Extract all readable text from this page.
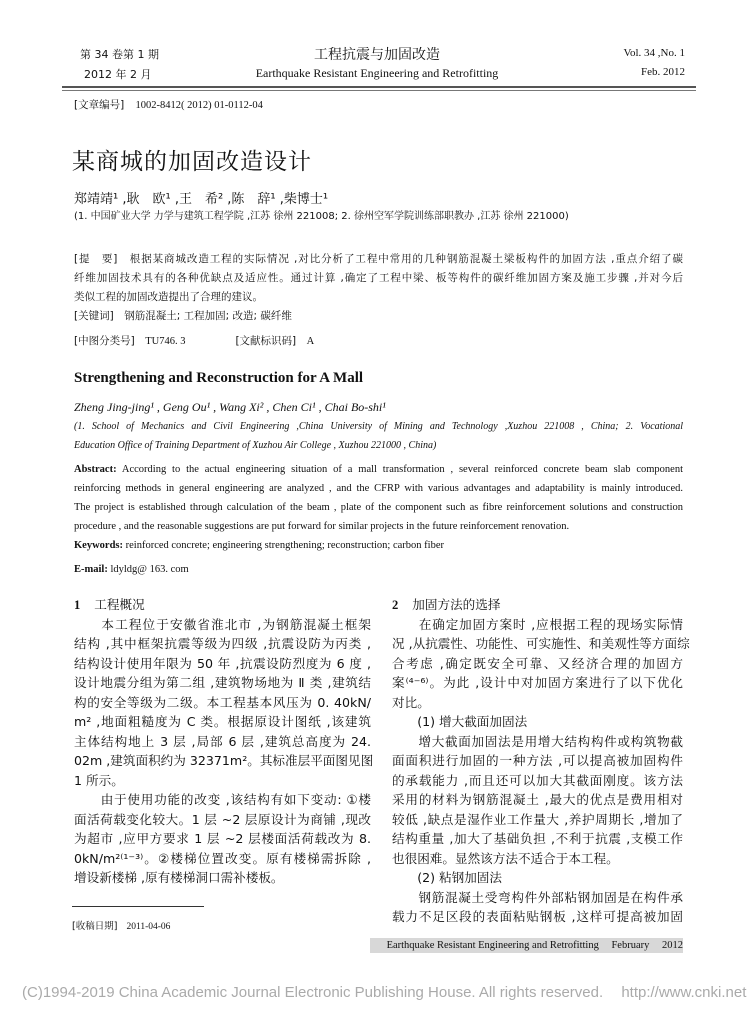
第 34 卷第 1 期
2012 年 2 月
工程抗震与加固改造
Earthquake Resistant Engineering and Retrofitting
Vol. 34 ,No. 1
Feb. 2012
[文章编号] 1002-8412( 2012) 01-0112-04
某商城的加固改造设计
郑靖靖¹ ,耿　欧¹ ,王　希² ,陈　辞¹ ,柴博士¹
(1. 中国矿业大学 力学与建筑工程学院 ,江苏 徐州 221008; 2. 徐州空军学院训练部职教办 ,江苏 徐州 221000)
[提　要]　 根据某商城改造工程的实际情况 ,对比分析了工程中常用的几种钢筋混凝土梁板构件的加固方法 ,重点介绍了碳
纤维加固技术具有的各种优缺点及适应性。通过计算 ,确定了工程中梁、板等构件的碳纤维加固方案及施工步骤 ,并对今后
类似工程的加固改造提出了合理的建议。
[关键词]　 钢筋混凝土; 工程加固; 改造; 碳纤维
[中图分类号]　 TU746. 3	[文献标识码]　 A
Strengthening and Reconstruction for A Mall
Zheng Jing-jing¹ , Geng Ou¹ , Wang Xi² , Chen Ci¹ , Chai Bo-shi¹
(1. School of Mechanics and Civil Engineering ,China University of Mining and Technology ,Xuzhou 221008 , China; 2. Vocational
Education Office of Training Department of Xuzhou Air College , Xuzhou 221000 , China)
Abstract: According to the actual engineering situation of a mall transformation , several reinforced concrete beam slab component
reinforcing methods in general engineering are analyzed , and the CFRP with various advantages and adaptability is mainly introduced.
The project is established through calculation of the beam , plate of the component such as fibre reinforcement solutions and construction
procedure , and the reasonable suggestions are put forward for similar projects in the future reinforcement renovation.
Keywords: reinforced concrete; engineering strengthening; reconstruction; carbon fiber
E-mail: ldyldg@ 163. com
1 工程概况
　　本工程位于安徽省淮北市 ,为钢筋混凝土框架
结构 ,其中框架抗震等级为四级 ,抗震设防为丙类 ,
结构设计使用年限为 50 年 ,抗震设防烈度为 6 度 ,
设计地震分组为第二组 ,建筑物场地为 Ⅱ 类 ,建筑结
构的安全等级为二级。本工程基本风压为 0. 40kN/
m² ,地面粗糙度为 C 类。根据原设计图纸 ,该建筑
主体结构地上 3 层 ,局部 6 层 ,建筑总高度为 24.
02m ,建筑面积约为 32371m²。其标准层平面图见图
1 所示。
　　由于使用功能的改变 ,该结构有如下变动: ①楼
面活荷载变化较大。1 层 ~2 层原设计为商铺 ,现改
为超市 ,应甲方要求 1 层 ~2 层楼面活荷载改为 8.
0kN/m²⁽¹⁻³⁾。②楼梯位置改变。原有楼梯需拆除 ,
增设新楼梯 ,原有楼梯洞口需补楼板。
2 加固方法的选择
　　在确定加固方案时 ,应根据工程的现场实际情
况 ,从抗震性、功能性、可实施性、和美观性等方面综
合考虑 ,确定既安全可靠、又经济合理的加固方
案⁽⁴⁻⁶⁾。为此 ,设计中对加固方案进行了以下优化
对比。
　　(1) 增大截面加固法
　　增大截面加固法是用增大结构构件或构筑物截
面面积进行加固的一种方法 ,可以提高被加固构件
的承载能力 ,而且还可以加大其截面刚度。该方法
采用的材料为钢筋混凝土 ,最大的优点是费用相对
较低 ,缺点是湿作业工作量大 ,养护周期长 ,增加了
结构重量 ,加大了基础负担 ,不利于抗震 ,支模工作
也很困难。显然该方法不适合于本工程。
　　(2) 粘钢加固法
　　钢筋混凝土受弯构件外部粘钢加固是在构件承
载力不足区段的表面粘贴钢板 ,这样可提高被加固
[收稿日期] 2011-04-06
Earthquake Resistant Engineering and Retrofitting February 2012
(C)1994-2019 China Academic Journal Electronic Publishing House. All rights reserved. http://www.cnki.net
